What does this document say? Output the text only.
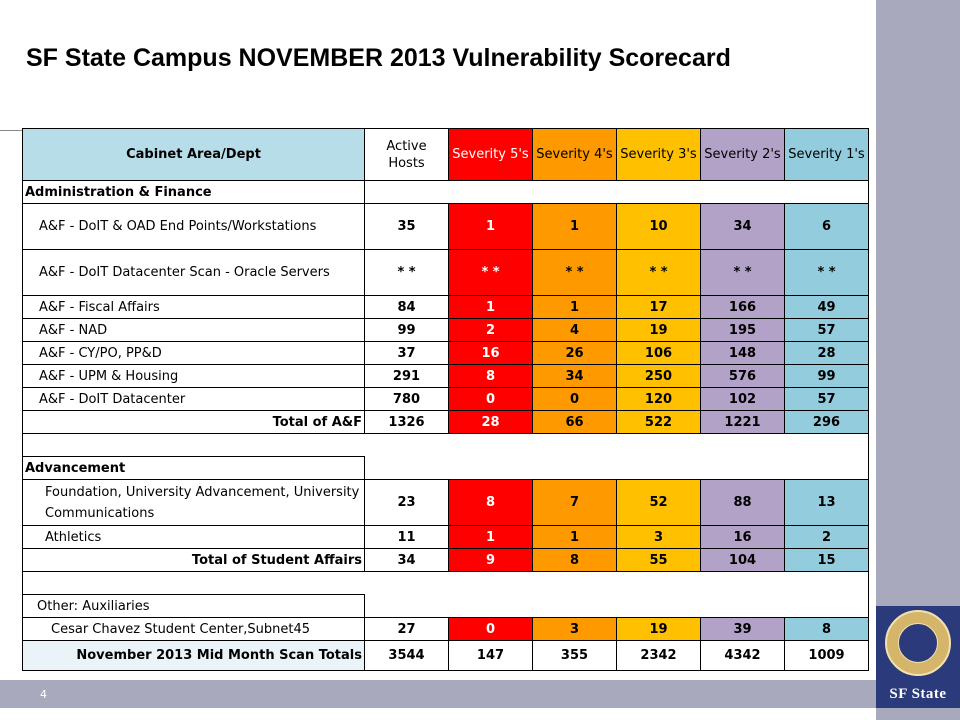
4
SF State Campus NOVEMBER 2013 Vulnerability Scorecard
Cabinet Area/Dept	Active Hosts	Severity 5's	Severity 4's	Severity 3's	Severity 2's	Severity 1's
Administration & Finance						
A&F - DoIT & OAD End Points/Workstations	35	1	1	10	34	6
A&F - DoIT Datacenter Scan - Oracle Servers	* *	* *	* *	* *	* *	* *
A&F - Fiscal Affairs	84	1	1	17	166	49
A&F - NAD	99	2	4	19	195	57
A&F - CY/PO, PP&D	37	16	26	106	148	28
A&F - UPM & Housing	291	8	34	250	576	99
A&F - DoIT Datacenter	780	0	0	120	102	57
Total of A&F	1326	28	66	522	1221	296

Advancement						
Foundation, University Advancement, University Communications	23	8	7	52	88	13
Athletics	11	1	1	3	16	2
Total of Student Affairs	34	9	8	55	104	15

Other: Auxiliaries						
Cesar Chavez Student Center,Subnet45	27	0	3	19	39	8
November 2013 Mid Month Scan Totals	3544	147	355	2342	4342	1009
SF State
